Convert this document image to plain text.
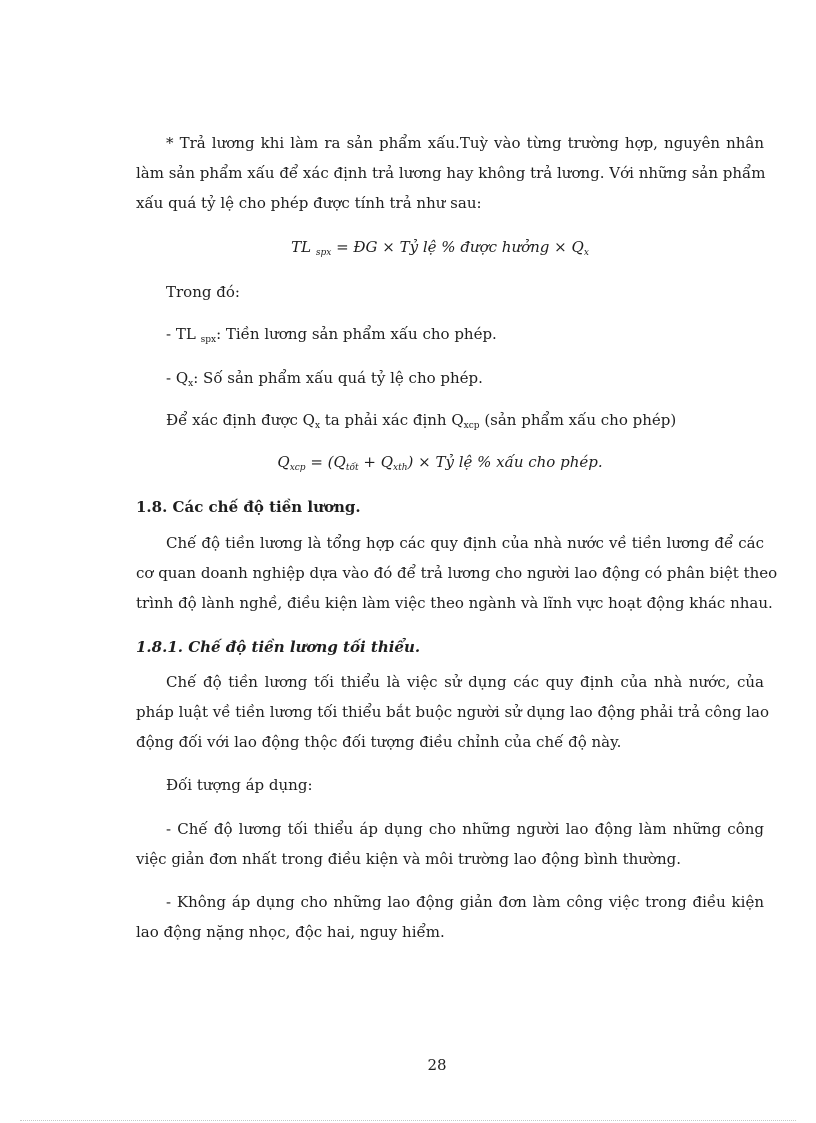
* Trả lương khi làm ra sản phẩm xấu.Tuỳ vào từng trường hợp, nguyên nhân
làm sản phẩm xấu để xác định trả lương hay không trả lương. Với những sản phẩm
xấu quá tỷ lệ cho phép được tính trả như sau:
TL $_{spx}$ = ĐG × Tỷ lệ % được hưởng × $Q_x$
Trong đó:
- TL $_{spx}$: Tiền lương sản phẩm xấu cho phép.
- $Q_x$: Số sản phẩm xấu quá tỷ lệ cho phép.
Để xác định được $Q_x$ ta phải xác định $Q_{xcp}$ (sản phẩm xấu cho phép)
$Q_{xcp} = (Q_{tốt} + Q_{xth})$ × Tỷ lệ % xấu cho phép.
1.8. Các chế độ tiền lương.
Chế độ tiền lương là tổng hợp các quy định của nhà nước về tiền lương để các
cơ quan doanh nghiệp dựa vào đó để trả lương cho người lao động có phân biệt theo
trình độ lành nghề, điều kiện làm việc theo ngành và lĩnh vực hoạt động khác nhau.
1.8.1. Chế độ tiền lương tối thiểu.
Chế độ tiền lương tối thiểu là việc sử dụng các quy định của nhà nước, của
pháp luật về tiền lương tối thiểu bắt buộc người sử dụng lao động phải trả công lao
động đối với lao động thộc đối tượng điều chỉnh của chế độ này.
Đối tượng áp dụng:
- Chế độ lương tối thiểu áp dụng cho những người lao động làm những công
việc giản đơn nhất trong điều kiện và môi trường lao động bình thường.
- Không áp dụng cho những lao động giản đơn làm công việc trong điều kiện
lao động nặng nhọc, độc hai, nguy hiểm.
28
